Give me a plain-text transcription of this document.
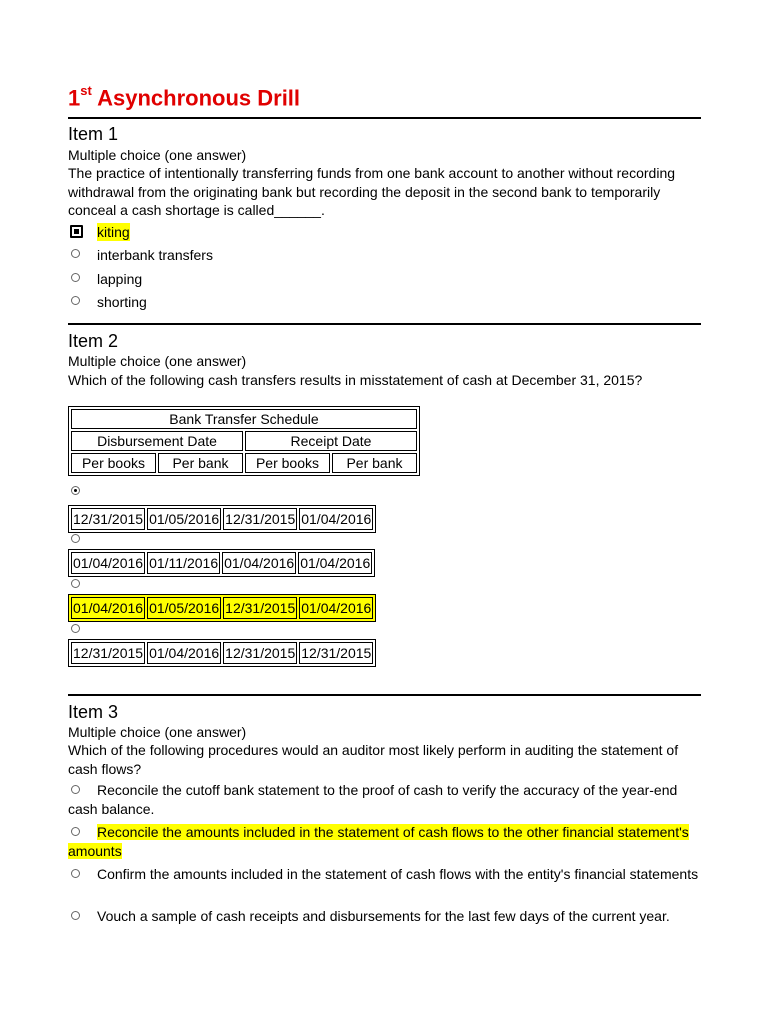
1st Asynchronous Drill
Item 1
Multiple choice (one answer)
The practice of intentionally transferring funds from one bank account to another without recording withdrawal from the originating bank but recording the deposit in the second bank to temporarily conceal a cash shortage is called______.
kiting
interbank transfers
lapping
shorting
Item 2
Multiple choice (one answer)
Which of the following cash transfers results in misstatement of cash at December 31, 2015?
Bank Transfer Schedule			
Disbursement Date		Receipt Date	
Per books	Per bank	Per books	Per bank
12/31/2015	01/05/2016	12/31/2015	01/04/2016
01/04/2016	01/11/2016	01/04/2016	01/04/2016
01/04/2016	01/05/2016	12/31/2015	01/04/2016
12/31/2015	01/04/2016	12/31/2015	12/31/2015
Item 3
Multiple choice (one answer)
Which of the following procedures would an auditor most likely perform in auditing the statement of cash flows?
Reconcile the cutoff bank statement to the proof of cash to verify the accuracy of the year-end cash balance.
Reconcile the amounts included in the statement of cash flows to the other financial statement's amounts
Confirm the amounts included in the statement of cash flows with the entity's financial statements
Vouch a sample of cash receipts and disbursements for the last few days of the current year.
